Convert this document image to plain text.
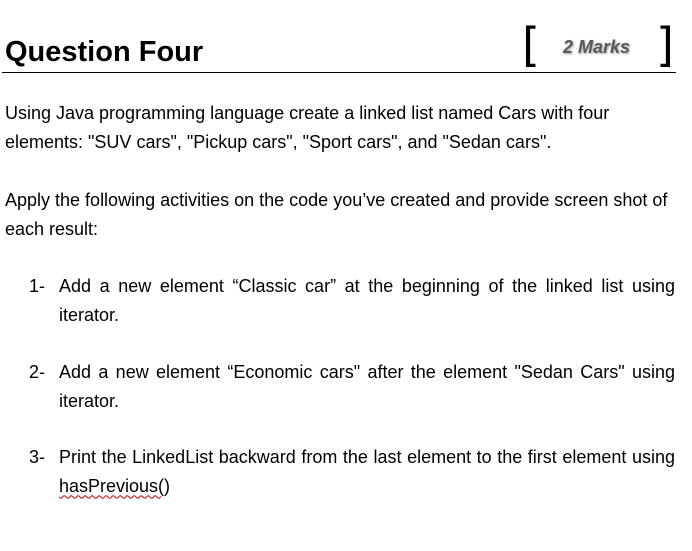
Question Four	[ 2 Marks ]
Using Java programming language create a linked list named Cars with four elements: "SUV cars", "Pickup cars", "Sport cars", and "Sedan cars".
Apply the following activities on the code you’ve created and provide screen shot of each result:
1- Add a new element “Classic car” at the beginning of the linked list using iterator.
2- Add a new element “Economic cars" after the element "Sedan Cars" using iterator.
3- Print the LinkedList backward from the last element to the first element using hasPrevious()
